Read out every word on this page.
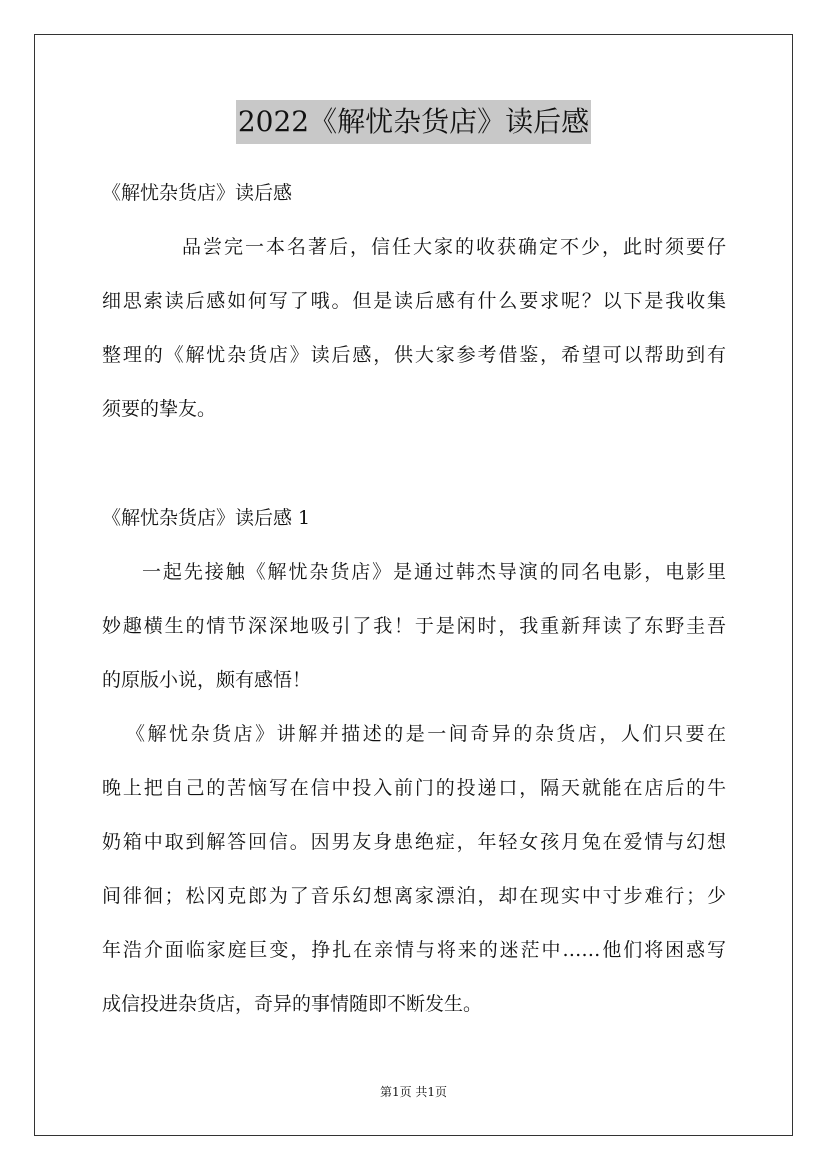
2022《解忧杂货店》读后感
《解忧杂货店》读后感
品尝完一本名著后，信任大家的收获确定不少，此时须要仔
细思索读后感如何写了哦。但是读后感有什么要求呢？以下是我收集
整理的《解忧杂货店》读后感，供大家参考借鉴，希望可以帮助到有
须要的挚友。
《解忧杂货店》读后感 1
一起先接触《解忧杂货店》是通过韩杰导演的同名电影，电影里
妙趣横生的情节深深地吸引了我！于是闲时，我重新拜读了东野圭吾
的原版小说，颇有感悟！
《解忧杂货店》讲解并描述的是一间奇异的杂货店，人们只要在
晚上把自己的苦恼写在信中投入前门的投递口，隔天就能在店后的牛
奶箱中取到解答回信。因男友身患绝症，年轻女孩月兔在爱情与幻想
间徘徊；松冈克郎为了音乐幻想离家漂泊，却在现实中寸步难行；少
年浩介面临家庭巨变，挣扎在亲情与将来的迷茫中……他们将困惑写
成信投进杂货店，奇异的事情随即不断发生。
第1页 共1页
